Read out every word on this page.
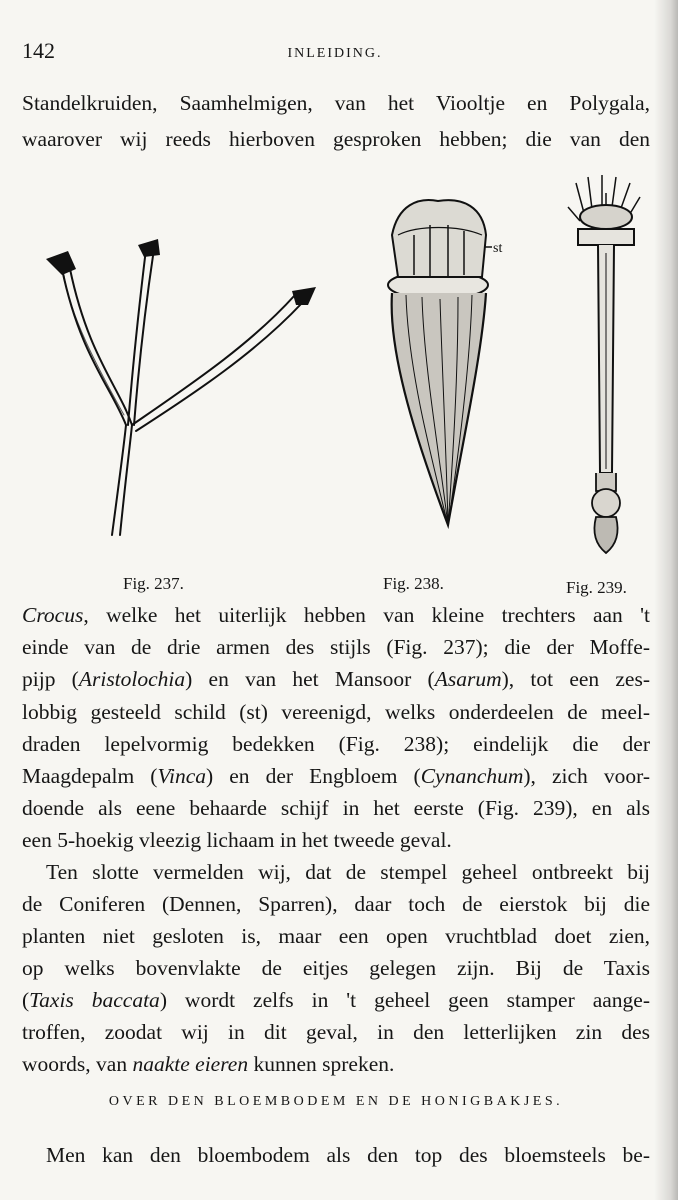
142	INLEIDING.
Standelkruiden, Saamhelmigen, van het Viooltje en Polygala,
waarover wij reeds hierboven gesproken hebben; die van den
st
Fig. 237.	Fig. 238.	Fig. 239.
Crocus, welke het uiterlijk hebben van kleine trechters aan 't
einde van de drie armen des stijls (Fig. 237); die der Moffe-
pijp (Aristolochia) en van het Mansoor (Asarum), tot een zes-
lobbig gesteeld schild (st) vereenigd, welks onderdeelen de meel-
draden lepelvormig bedekken (Fig. 238); eindelijk die der
Maagdepalm (Vinca) en der Engbloem (Cynanchum), zich voor-
doende als eene behaarde schijf in het eerste (Fig. 239), en als
een 5-hoekig vleezig lichaam in het tweede geval.
Ten slotte vermelden wij, dat de stempel geheel ontbreekt bij
de Coniferen (Dennen, Sparren), daar toch de eierstok bij die
planten niet gesloten is, maar een open vruchtblad doet zien,
op welks bovenvlakte de eitjes gelegen zijn. Bij de Taxis
(Taxis baccata) wordt zelfs in 't geheel geen stamper aange-
troffen, zoodat wij in dit geval, in den letterlijken zin des
woords, van naakte eieren kunnen spreken.
OVER DEN BLOEMBODEM EN DE HONIGBAKJES.
Men kan den bloembodem als den top des bloemsteels be-
